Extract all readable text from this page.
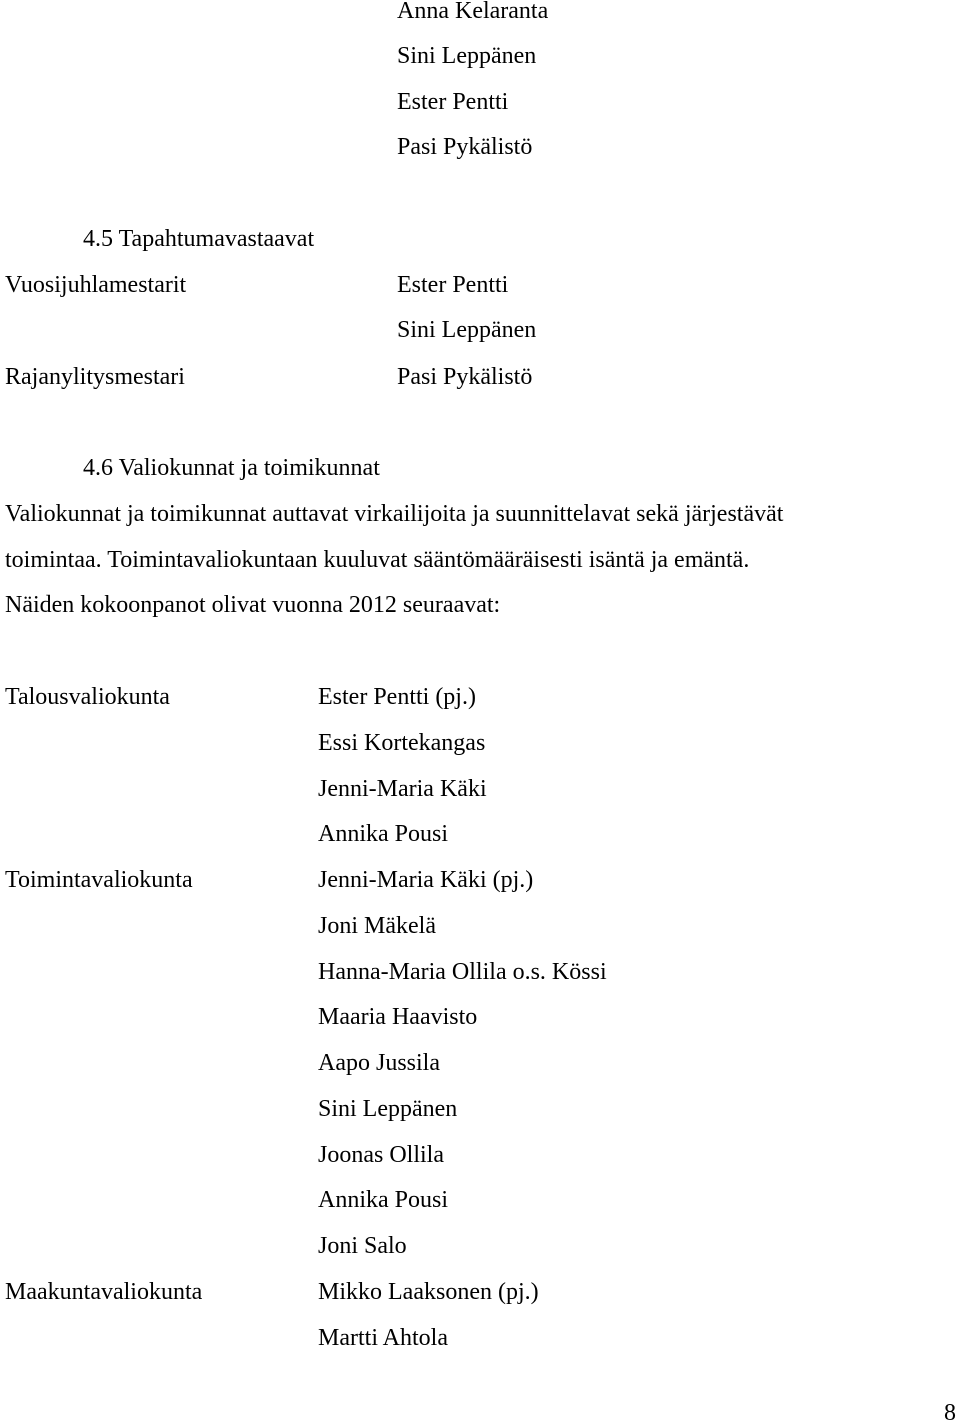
Anna Kelaranta
Sini Leppänen
Ester Pentti
Pasi Pykälistö
4.5 Tapahtumavastaavat
Vuosijuhlamestarit	Ester Pentti
Sini Leppänen
Rajanylitysmestari	Pasi Pykälistö
4.6 Valiokunnat ja toimikunnat
Valiokunnat ja toimikunnat auttavat virkailijoita ja suunnittelavat sekä järjestävät
toimintaa. Toimintavaliokuntaan kuuluvat sääntömääräisesti isäntä ja emäntä.
Näiden kokoonpanot olivat vuonna 2012 seuraavat:
Talousvaliokunta	Ester Pentti (pj.)
Essi Kortekangas
Jenni-Maria Käki
Annika Pousi
Toimintavaliokunta	Jenni-Maria Käki (pj.)
Joni Mäkelä
Hanna-Maria Ollila o.s. Kössi
Maaria Haavisto
Aapo Jussila
Sini Leppänen
Joonas Ollila
Annika Pousi
Joni Salo
Maakuntavaliokunta	Mikko Laaksonen (pj.)
Martti Ahtola
8
